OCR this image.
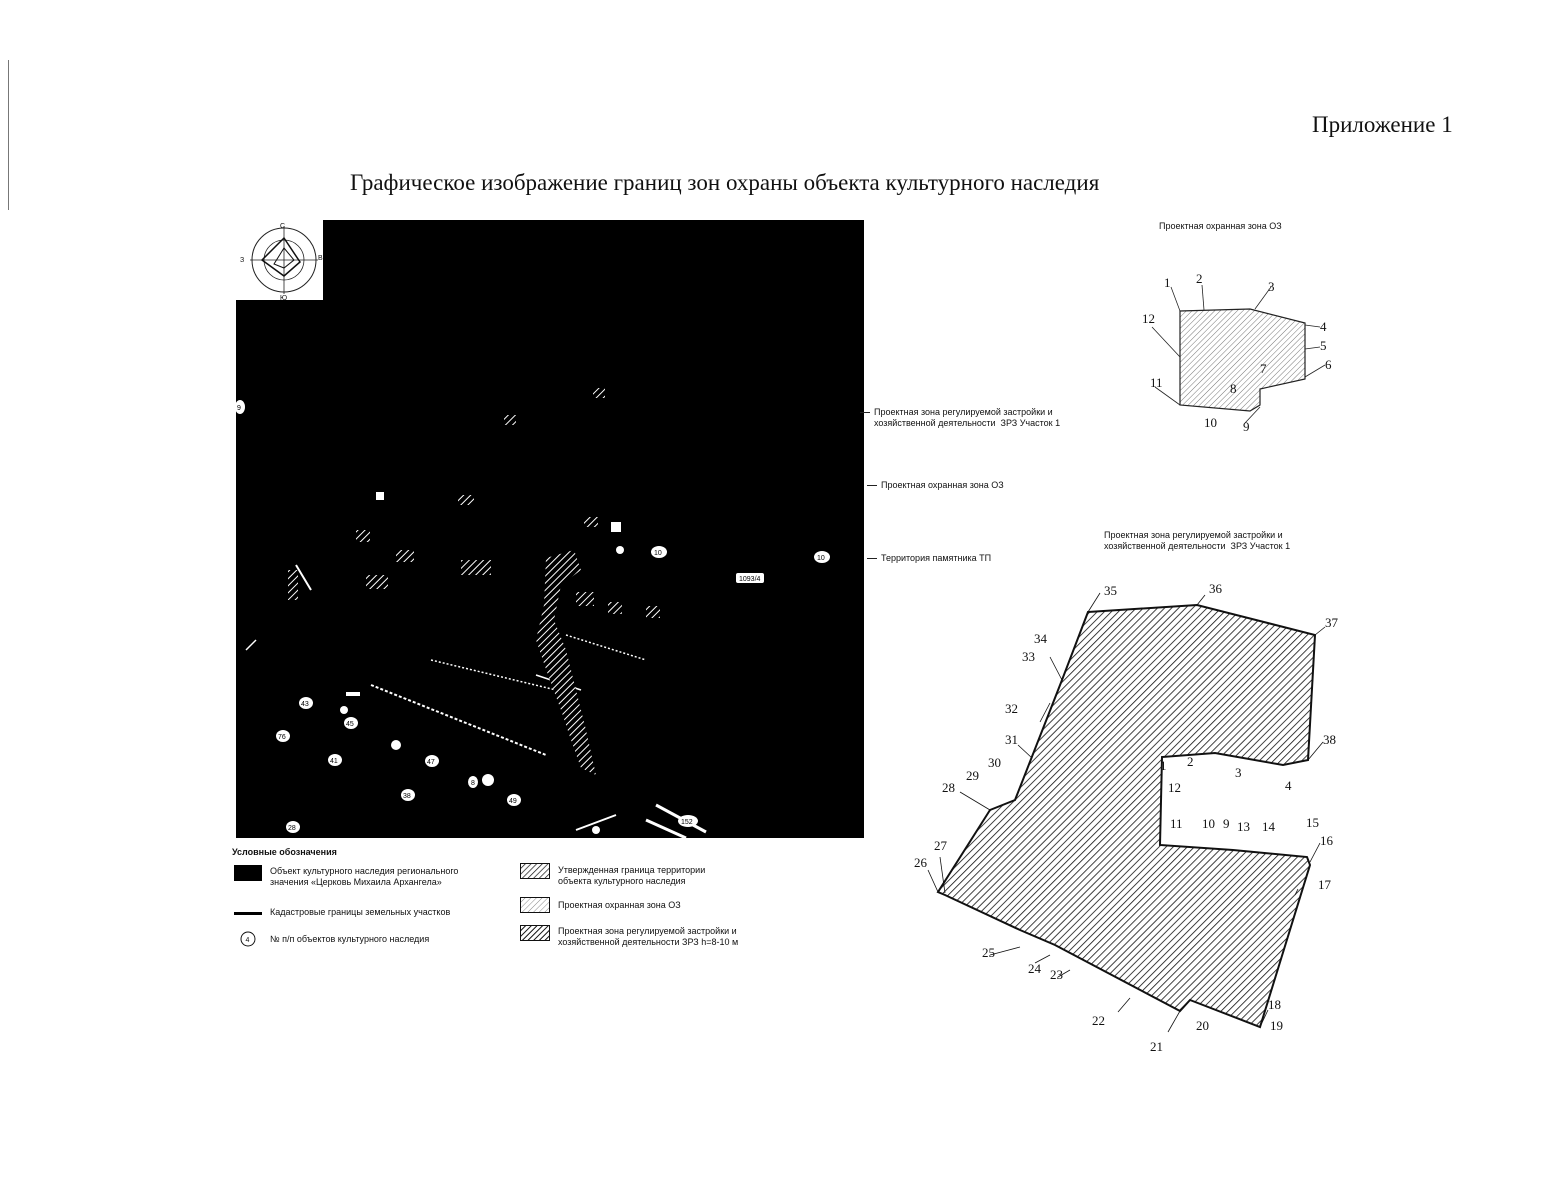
Приложение 1
Графическое изображение границ зон охраны объекта культурного наследия
С
Ю
З	В
10
10
1093/4
152
41
43
45
47
49
76
38
28
8
9	Проектная зона регулируемой застройки и
хозяйственной деятельности  ЗРЗ Участок 1
Проектная охранная зона ОЗ
Территория памятника ТП
Проектная охранная зона ОЗ
1 2
3
4
5
6
7
8
9
10
11
12
Проектная зона регулируемой застройки и
хозяйственной деятельности  ЗРЗ Участок 1
35	36
37
38
1 2
3
4
12
11 10 9 13 14 15
16
17
18
19
20
21
22
23
24
25
26
27
28
29
30
31
32
33
34
Условные обозначения
Объект культурного наследия регионального
значения «Церковь Михаила Архангела»
Кадастровые границы земельных участков
4 № п/п объектов культурного наследия
Утвержденная граница территории
объекта культурного наследия
Проектная охранная зона ОЗ
Проектная зона регулируемой застройки и
хозяйственной деятельности ЗРЗ h=8-10 м
